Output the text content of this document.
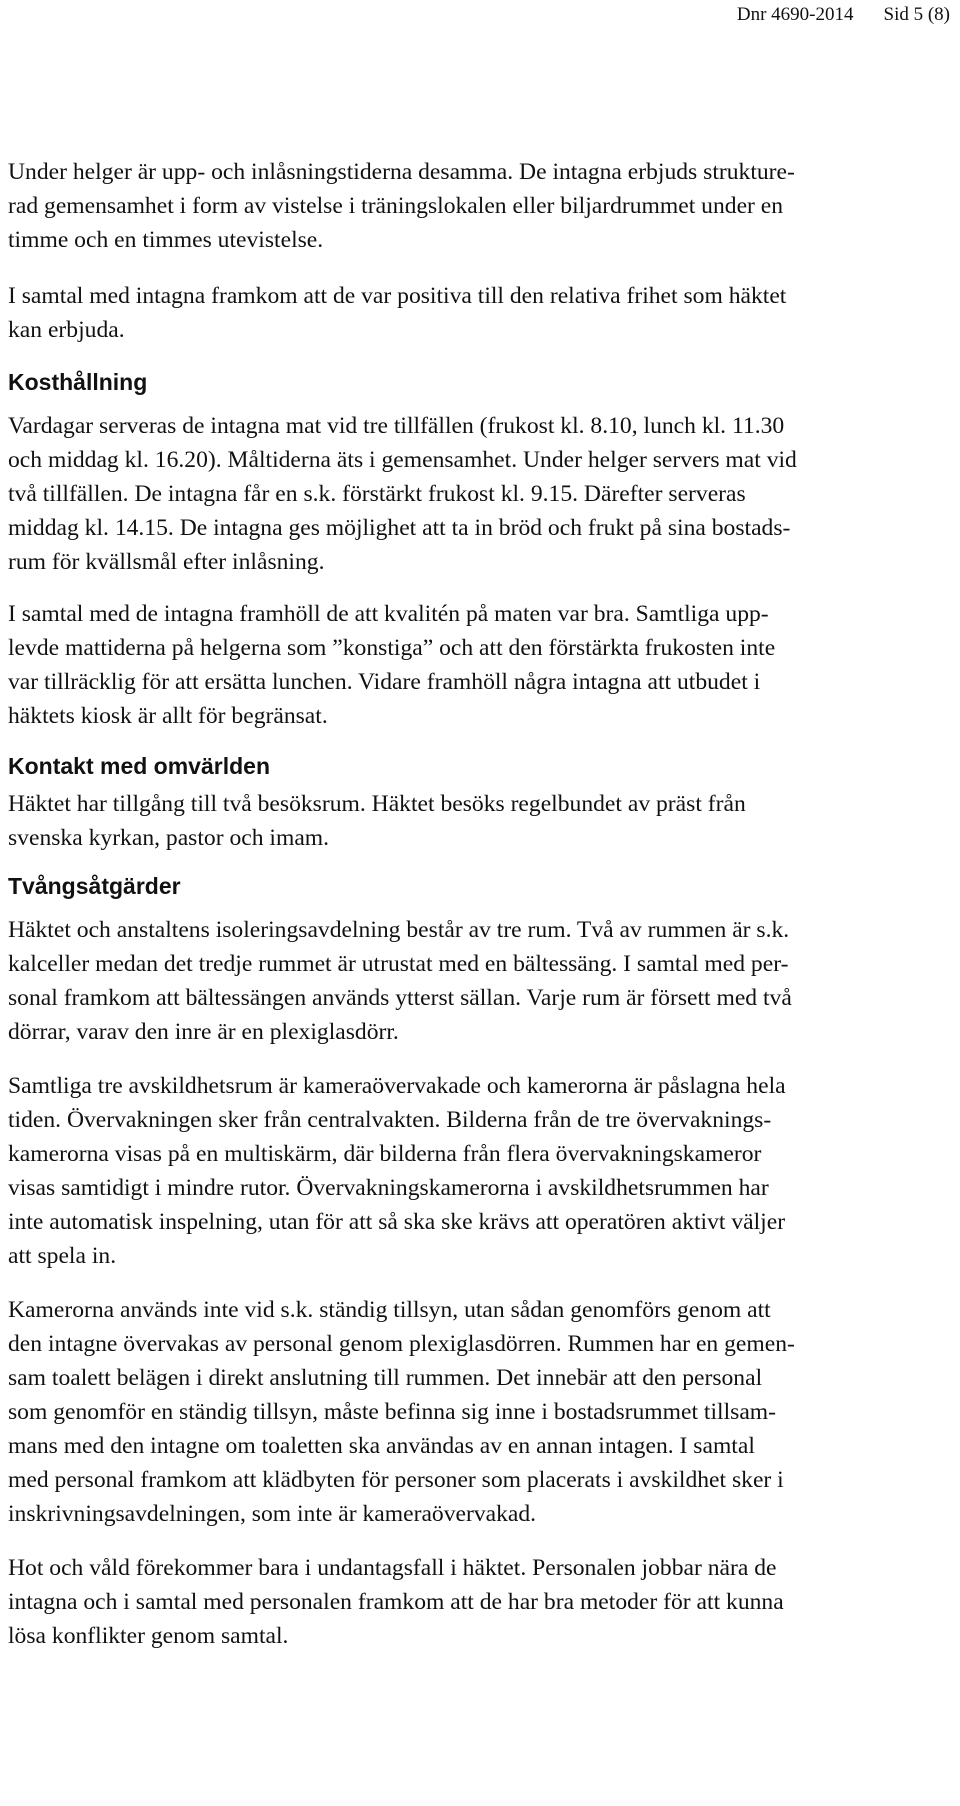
Dnr 4690-2014 Sid 5 (8)

Under helger är upp- och inlåsningstiderna desamma. De intagna erbjuds strukture-
rad gemensamhet i form av vistelse i träningslokalen eller biljardrummet under en
timme och en timmes utevistelse.

I samtal med intagna framkom att de var positiva till den relativa frihet som häktet
kan erbjuda.

Kosthållning

Vardagar serveras de intagna mat vid tre tillfällen (frukost kl. 8.10, lunch kl. 11.30
och middag kl. 16.20). Måltiderna äts i gemensamhet. Under helger servers mat vid
två tillfällen. De intagna får en s.k. förstärkt frukost kl. 9.15. Därefter serveras
middag kl. 14.15. De intagna ges möjlighet att ta in bröd och frukt på sina bostads-
rum för kvällsmål efter inlåsning.

I samtal med de intagna framhöll de att kvalitén på maten var bra. Samtliga upp-
levde mattiderna på helgerna som ”konstiga” och att den förstärkta frukosten inte
var tillräcklig för att ersätta lunchen. Vidare framhöll några intagna att utbudet i
häktets kiosk är allt för begränsat.

Kontakt med omvärlden

Häktet har tillgång till två besöksrum. Häktet besöks regelbundet av präst från
svenska kyrkan, pastor och imam.

Tvångsåtgärder

Häktet och anstaltens isoleringsavdelning består av tre rum. Två av rummen är s.k.
kalceller medan det tredje rummet är utrustat med en bältessäng. I samtal med per-
sonal framkom att bältessängen används ytterst sällan. Varje rum är försett med två
dörrar, varav den inre är en plexiglasdörr.

Samtliga tre avskildhetsrum är kameraövervakade och kamerorna är påslagna hela
tiden. Övervakningen sker från centralvakten. Bilderna från de tre övervaknings-
kamerorna visas på en multiskärm, där bilderna från flera övervakningskameror
visas samtidigt i mindre rutor. Övervakningskamerorna i avskildhetsrummen har
inte automatisk inspelning, utan för att så ska ske krävs att operatören aktivt väljer
att spela in.

Kamerorna används inte vid s.k. ständig tillsyn, utan sådan genomförs genom att
den intagne övervakas av personal genom plexiglasdörren. Rummen har en gemen-
sam toalett belägen i direkt anslutning till rummen. Det innebär att den personal
som genomför en ständig tillsyn, måste befinna sig inne i bostadsrummet tillsam-
mans med den intagne om toaletten ska användas av en annan intagen. I samtal
med personal framkom att klädbyten för personer som placerats i avskildhet sker i
inskrivningsavdelningen, som inte är kameraövervakad.

Hot och våld förekommer bara i undantagsfall i häktet. Personalen jobbar nära de
intagna och i samtal med personalen framkom att de har bra metoder för att kunna
lösa konflikter genom samtal.
